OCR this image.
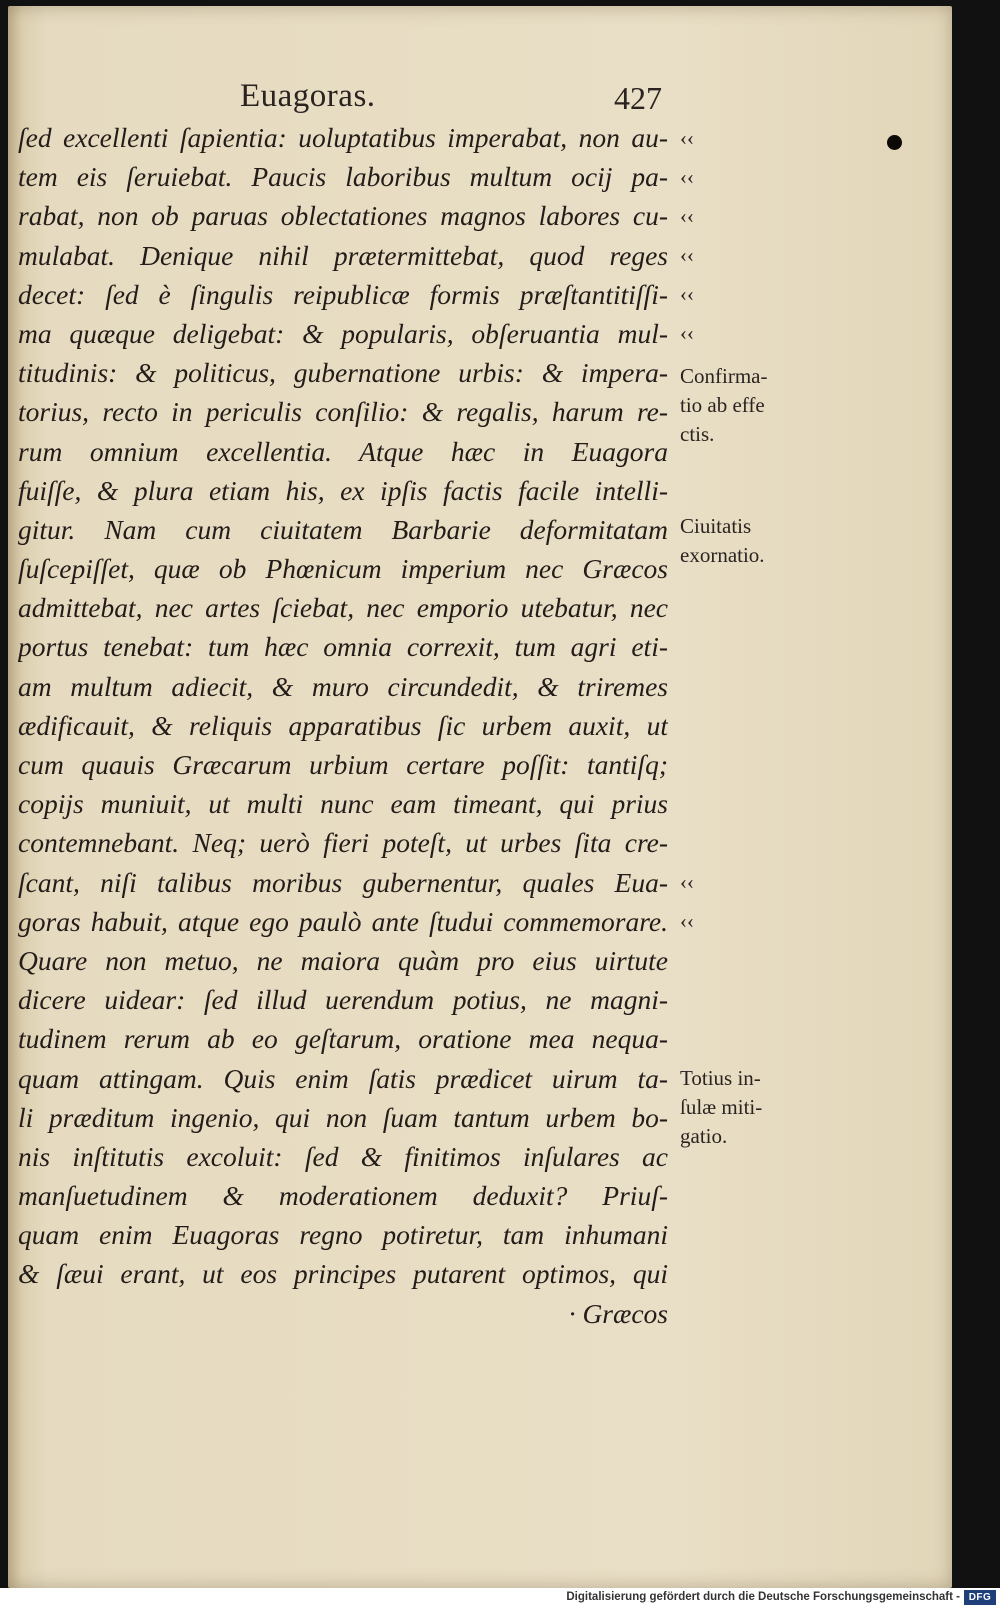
Euagoras.	427
ſed excellenti ſapientia: uoluptatibus imperabat, non au-
tem eis ſeruiebat. Paucis laboribus multum ocij pa-
rabat, non ob paruas oblectationes magnos labores cu-
mulabat. Denique nihil prætermittebat, quod reges
decet: ſed è ſingulis reipublicæ formis præſtantitiſſi-
ma quæque deligebat: & popularis, obſeruantia mul-
titudinis: & politicus, gubernatione urbis: & impera-
torius, recto in periculis conſilio: & regalis, harum re-
rum omnium excellentia. Atque hæc in Euagora
fuiſſe, & plura etiam his, ex ipſis factis facile intelli-
gitur. Nam cum ciuitatem Barbarie deformitatam
ſuſcepiſſet, quæ ob Phœnicum imperium nec Græcos
admittebat, nec artes ſciebat, nec emporio utebatur, nec
portus tenebat: tum hæc omnia correxit, tum agri eti-
am multum adiecit, & muro circundedit, & triremes
ædificauit, & reliquis apparatibus ſic urbem auxit, ut
cum quauis Græcarum urbium certare poſſit: tantiſq;
copijs muniuit, ut multi nunc eam timeant, qui prius
contemnebant. Neq; uerò fieri poteſt, ut urbes ſita cre-
ſcant, niſi talibus moribus gubernentur, quales Eua-
goras habuit, atque ego paulò ante ſtudui commemorare.
Quare non metuo, ne maiora quàm pro eius uirtute
dicere uidear: ſed illud uerendum potius, ne magni-
tudinem rerum ab eo geſtarum, oratione mea nequa-
quam attingam. Quis enim ſatis prædicet uirum ta-
li præditum ingenio, qui non ſuam tantum urbem bo-
nis inſtitutis excoluit: ſed & finitimos inſulares ac
manſuetudinem & moderationem deduxit? Priuſ-
quam enim Euagoras regno potiretur, tam inhumani
& ſæui erant, ut eos principes putarent optimos, qui
· Græcos
‹‹
‹‹
‹‹
‹‹
‹‹
‹‹
‹‹
‹‹
Confirma-
tio ab effe
ctis.
Ciuitatis
exornatio.
Totius in-
ſulæ miti-
gatio.
Digitalisierung gefördert durch die Deutsche Forschungsgemeinschaft - DFG
